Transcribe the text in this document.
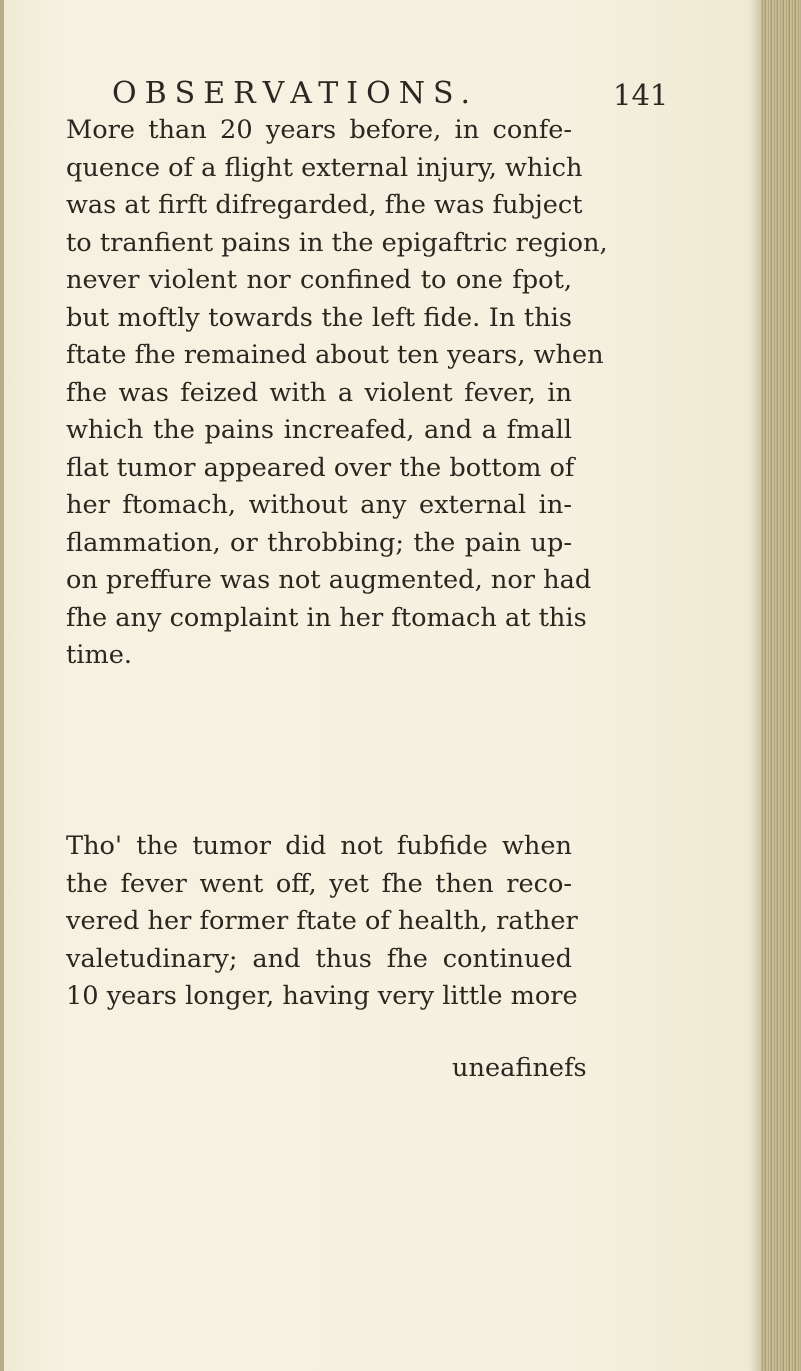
OBSERVATIONS.	141
More than 20 years before, in confe-
quence of a flight external injury, which
was at firft difregarded, fhe was fubject
to tranfient pains in the epigaftric region,
never violent nor confined to one fpot,
but moftly towards the left fide. In this
ftate fhe remained about ten years, when
fhe was feized with a violent fever, in
which the pains increafed, and a fmall
flat tumor appeared over the bottom of
her ftomach, without any external in-
flammation, or throbbing; the pain up-
on preffure was not augmented, nor had
fhe any complaint in her ftomach at this
time.
Tho' the tumor did not fubfide when
the fever went off, yet fhe then reco-
vered her former ftate of health, rather
valetudinary; and thus fhe continued
10 years longer, having very little more
uneafinefs
